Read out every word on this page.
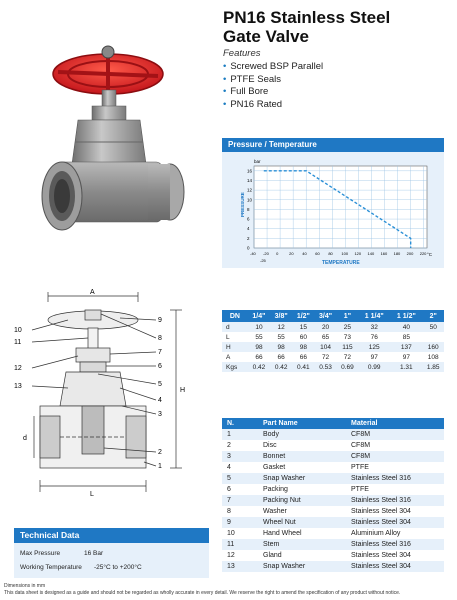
PN16 Stainless Steel
Gate Valve
Features
• Screwed BSP Parallel
• PTFE Seals
• Full Bore
• PN16 Rated
Pressure / Temperature
16
14
12
10
8
6
4
2
0
-40 -20 0	20 40 60 80 100 120 140 160 180 200 220
bar
°C
-25	TEMPERATURE
PRESSURE
DN	1/4"	3/8"	1/2"	3/4"	1"	1 1/4"	1 1/2"	2"
d	10	12	15	20	25	32	40	50
L	55	55	60	65	73	76	85	
H	98	98	98	104	115	125	137	160
A	66	66	66	72	72	97	97	108
Kgs	0.42	0.42	0.41	0.53	0.69	0.99	1.31	1.85
N.	Part Name	Material
1	Body	CF8M
2	Disc	CF8M
3	Bonnet	CF8M
4	Gasket	PTFE
5	Snap Washer	Stainless Steel 316
6	Packing	PTFE
7	Packing Nut	Stainless Steel 316
8	Washer	Stainless Steel 304
9	Wheel Nut	Stainless Steel 304
10	Hand Wheel	Aluminium Alloy
11	Stem	Stainless Steel 316
12	Gland	Stainless Steel 304
13	Snap Washer	Stainless Steel 304
A
H
L
d
10
11
12
13
9
8
7
6
5
4
3
2
1
Technical Data
Max Pressure	16 Bar
Working Temperature -25°C to +200°C
Dimensions in mm
This data sheet is designed as a guide and should not be regarded as wholly accurate in every detail. We reserve the right to amend the specification of any product without notice.
